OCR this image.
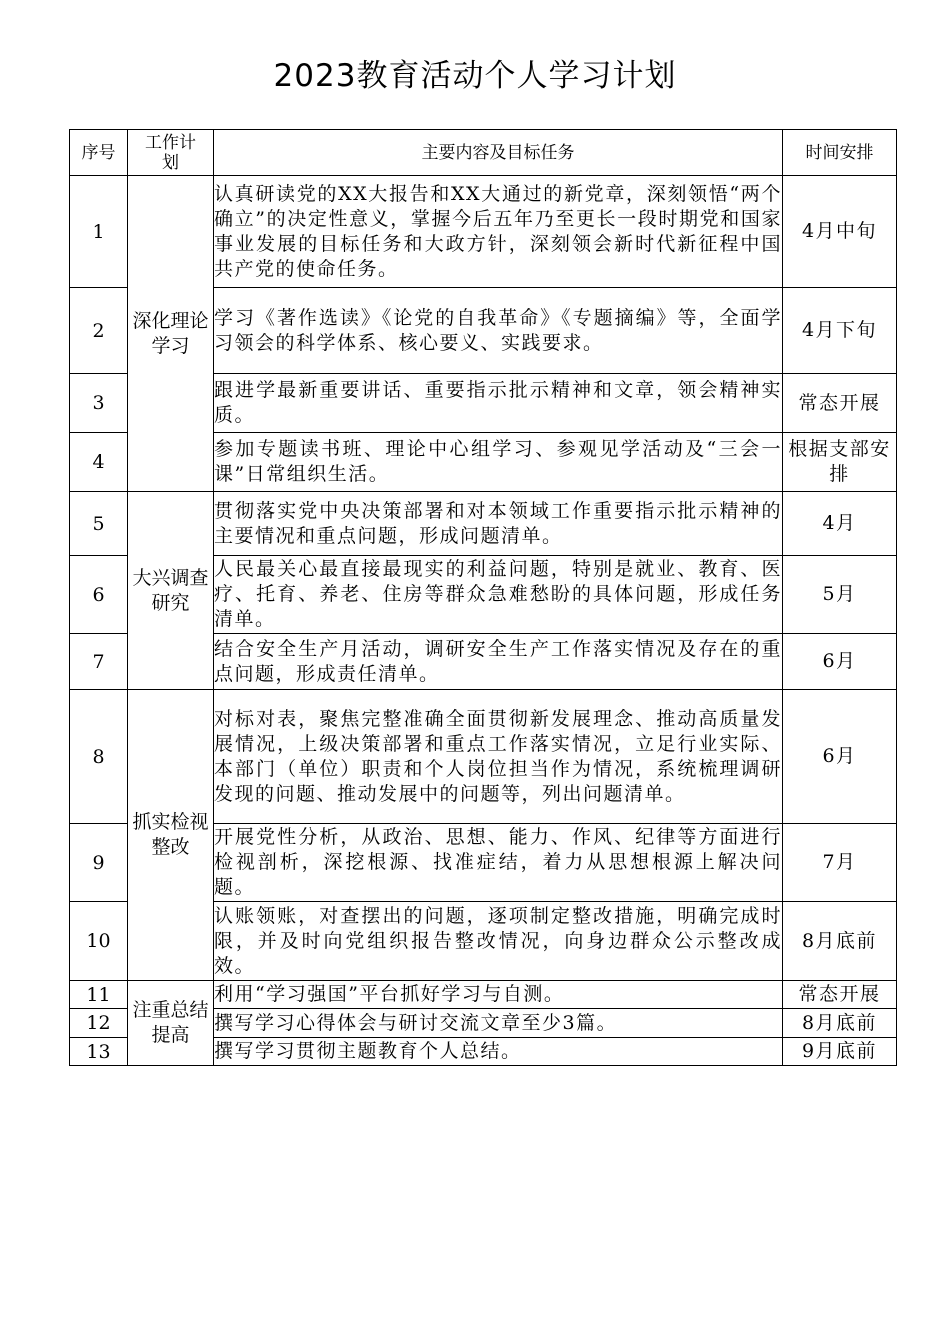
2023教育活动个人学习计划
序号	工作计划	主要内容及目标任务	时间安排
1	深化理论学习	认真研读党的XX大报告和XX大通过的新党章，深刻领悟“两个确立”的决定性意义，掌握今后五年乃至更长一段时期党和国家事业发展的目标任务和大政方针，深刻领会新时代新征程中国共产党的使命任务。	4月中旬
2		学习《著作选读》《论党的自我革命》《专题摘编》等，全面学习领会的科学体系、核心要义、实践要求。	4月下旬
3		跟进学最新重要讲话、重要指示批示精神和文章，领会精神实质。	常态开展
4		参加专题读书班、理论中心组学习、参观见学活动及“三会一课”日常组织生活。	根据支部安排
5	大兴调查研究	贯彻落实党中央决策部署和对本领域工作重要指示批示精神的主要情况和重点问题，形成问题清单。	4月
6		人民最关心最直接最现实的利益问题，特别是就业、教育、医疗、托育、养老、住房等群众急难愁盼的具体问题，形成任务清单。	5月
7		结合安全生产月活动，调研安全生产工作落实情况及存在的重点问题，形成责任清单。	6月
8	抓实检视整改	对标对表，聚焦完整准确全面贯彻新发展理念、推动高质量发展情况，上级决策部署和重点工作落实情况，立足行业实际、本部门（单位）职责和个人岗位担当作为情况，系统梳理调研发现的问题、推动发展中的问题等，列出问题清单。	6月
9		开展党性分析，从政治、思想、能力、作风、纪律等方面进行检视剖析，深挖根源、找准症结，着力从思想根源上解决问题。	7月
10		认账领账，对查摆出的问题，逐项制定整改措施，明确完成时限，并及时向党组织报告整改情况，向身边群众公示整改成效。	8月底前
11	注重总结提高	利用“学习强国”平台抓好学习与自测。	常态开展
12		撰写学习心得体会与研讨交流文章至少3篇。	8月底前
13		撰写学习贯彻主题教育个人总结。	9月底前
